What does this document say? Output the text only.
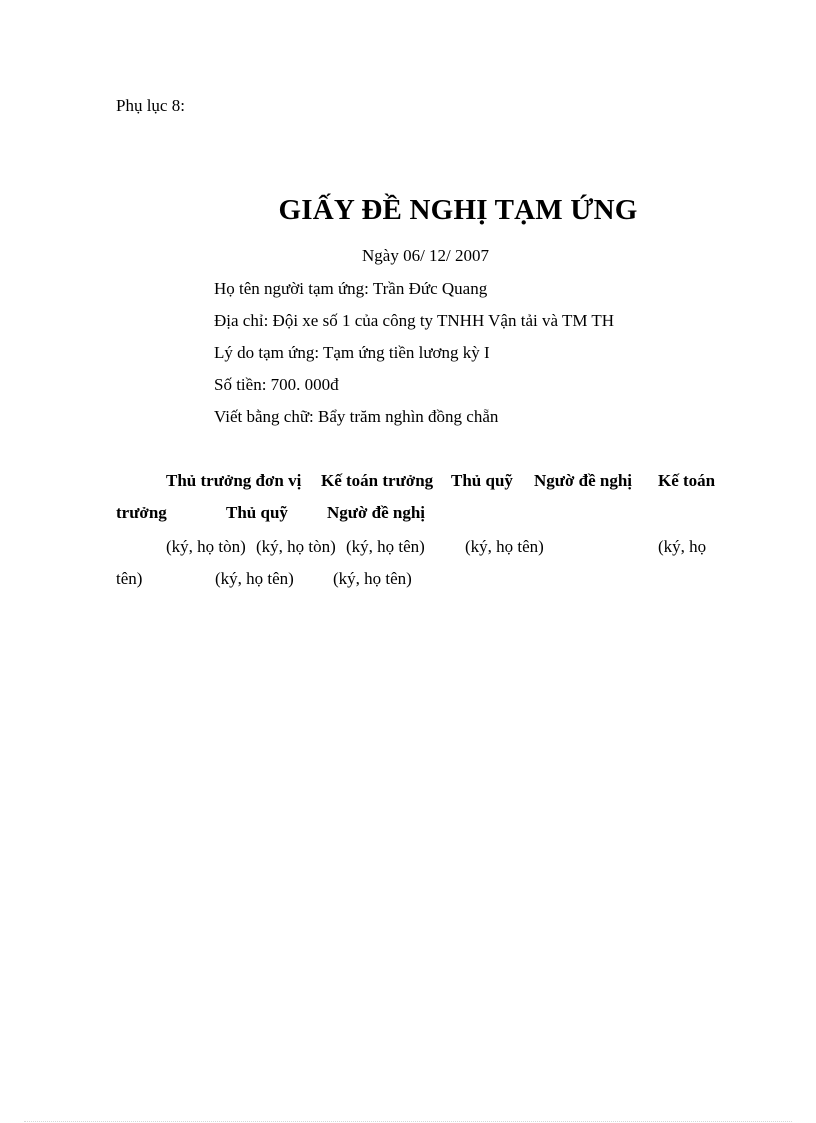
Phụ lục 8:
GIẤY ĐỀ NGHỊ TẠM ỨNG
Ngày 06/ 12/ 2007
Họ tên người tạm ứng: Trần Đức Quang
Địa chỉ: Đội xe số 1 của công ty TNHH Vận tải và TM TH
Lý do tạm ứng: Tạm ứng tiền lương kỳ I
Số tiền: 700. 000đ
Viết bằng chữ: Bẩy trăm nghìn đồng chẵn
Thủ trưởng đơn vị Kế toán trưởng Thủ quỹ Ngườ đề nghị Kế toán
trưởng	Thủ quỹ Ngườ đề nghị
(ký, họ tòn) (ký, họ tòn) (ký, họ tên) (ký, họ tên)	(ký, họ
tên)	(ký, họ tên) (ký, họ tên)
